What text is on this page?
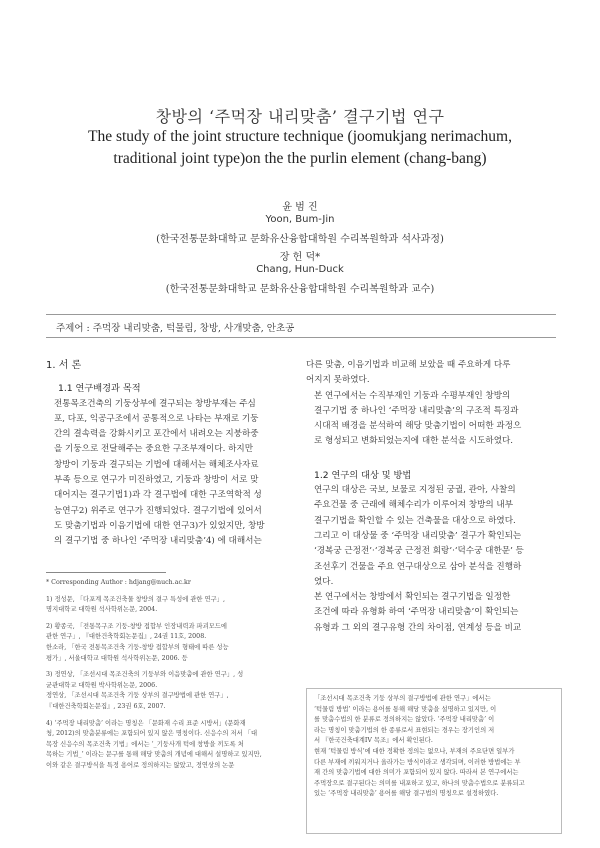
창방의 ‘주먹장 내리맞춤’ 결구기법 연구
The study of the joint structure technique (joomukjang nerimachum,
traditional joint type)on the the purlin element (chang-bang)
윤 범 진
Yoon, Bum-Jin
(한국전통문화대학교 문화유산융합대학원 수리복원학과 석사과정)
장 헌 덕*
Chang, Hun-Duck
(한국전통문화대학교 문화유산융합대학원 수리복원학과 교수)
주제어 : 주먹장 내리맞춤, 턱물림, 창방, 사개맞춤, 안초공

1. 서 론

1.1 연구배경과 목적

전통목조건축의 기둥상부에 결구되는 창방부재는 주심

포, 다포, 익공구조에서 공통적으로 나타는 부재로 기둥

간의 결속력을 강화시키고 포간에서 내려오는 지붕하중

을 기둥으로 전달해주는 중요한 구조부재이다. 하지만

창방이 기둥과 결구되는 기법에 대해서는 해체조사자료

부족 등으로 연구가 미진하였고, 기둥과 창방이 서로 맞

대어지는 결구기법1)과 각 결구법에 대한 구조역학적 성

능연구2) 위주로 연구가 진행되었다. 결구기법에 있어서

도 맞춤기법과 이음기법에 대한 연구3)가 있었지만, 창방

의 결구기법 중 하나인 ‘주먹장 내리맞춤’4) 에 대해서는

* Corresponding Author : hdjang@nuch.ac.kr

1) 정성문, 「다포계 목조건축물 창방의 결구 특성에 관한 연구」,

명지대학교 대학원 석사학위논문, 2004.

2) 황종국, 「전통목구조 기둥-창방 접합부 인장내력과 파괴모드에

관한 연구」, 『대한건축학회논문집』, 24권 11호, 2008.

한소라, 「한국 전통목조건축 기둥-창방 접합부의 형태에 따른 성능

평가」, 서울대학교 대학원 석사학위논문, 2006. 등

3) 정연상, 「조선시대 목조건축의 기둥부와 이음맞춤에 관한 연구」, 성

균관대학교 대학원 박사학위논문, 2006.

정연상, 「조선시대 목조건축 기둥 상부의 결구방법에 관한 연구」,

『대한건축학회논문집』, 23권 6호, 2007.

4) ‘주먹장 내리맞춤’ 이라는 명칭은 「문화재 수리 표준 시방서」(문화재

청, 2012)의 맞춤분류에는 포함되어 있지 않은 명칭이다. 신응수의 저서 「대

목장 신응수의 목조건축 기법」에서는 ‘_기둥사개 턱에 창방을 끼도록 처

목하는 기법_’ 이라는 문구를 통해 해당 맞춤의 개념에 대해서 설명하고 있지만,

이와 같은 결구방식을 특정 용어로 정의하지는 않았고, 정연상의 논문

다른 맞춤, 이음기법과 비교해 보았을 때 주요하게 다루

어지지 못하였다.

본 연구에서는 수직부재인 기둥과 수평부재인 창방의

결구기법 중 하나인 ‘주먹장 내리맞춤’의 구조적 특징과

시대적 배경을 분석하여 해당 맞춤기법이 어떠한 과정으

로 형성되고 변화되었는지에 대한 분석을 시도하였다.

1.2 연구의 대상 및 방법

연구의 대상은 국보, 보물로 지정된 궁궐, 관아, 사찰의

주요건물 중 근래에 해체수리가 이루어져 창방의 내부

결구기법을 확인할 수 있는 건축물을 대상으로 하였다.

그리고 이 대상물 중 ‘주먹장 내리맞춤’ 결구가 확인되는

‘경복궁 근정전’·‘경복궁 근정전 회랑’·‘덕수궁 대한문’ 등

조선후기 건물을 주요 연구대상으로 삼아 분석을 진행하

였다.

본 연구에서는 창방에서 확인되는 결구기법을 일정한

조건에 따라 유형화 하여 ‘주먹장 내리맞춤’이 확인되는

유형과 그 외의 결구유형 간의 차이점, 연계성 등을 비교

「조선시대 목조건축 기둥 상부의 결구방법에 관한 연구」에서는

‘턱물림 방법’ 이라는 용어를 통해 해당 맞춤을 설명하고 있지만, 이

를 맞춤수법의 한 분류로 정의하지는 않았다. ‘주먹장 내리맞춤’ 이

라는 명칭이 맞춤기법의 한 종류로서 표현되는 경우는 장기인의 저

서 『한국건축대계IV 목조』에서 확인된다.

현재 ‘턱물림 방식’에 대한 정확한 정의는 없으나, 부재의 주요단면 일부가

다른 부재에 끼워지거나 올라가는 방식이라고 생각되며, 이러한 방법에는 부

재 간의 맞춤기법에 대한 의미가 포함되어 있지 않다. 따라서 본 연구에서는

주먹장으로 결구된다는 의미를 내포하고 있고, 하나의 맞춤수법으로 분류되고

있는 ‘주먹장 내리맞춤’ 용어를 해당 결구법의 명칭으로 설정하였다.
